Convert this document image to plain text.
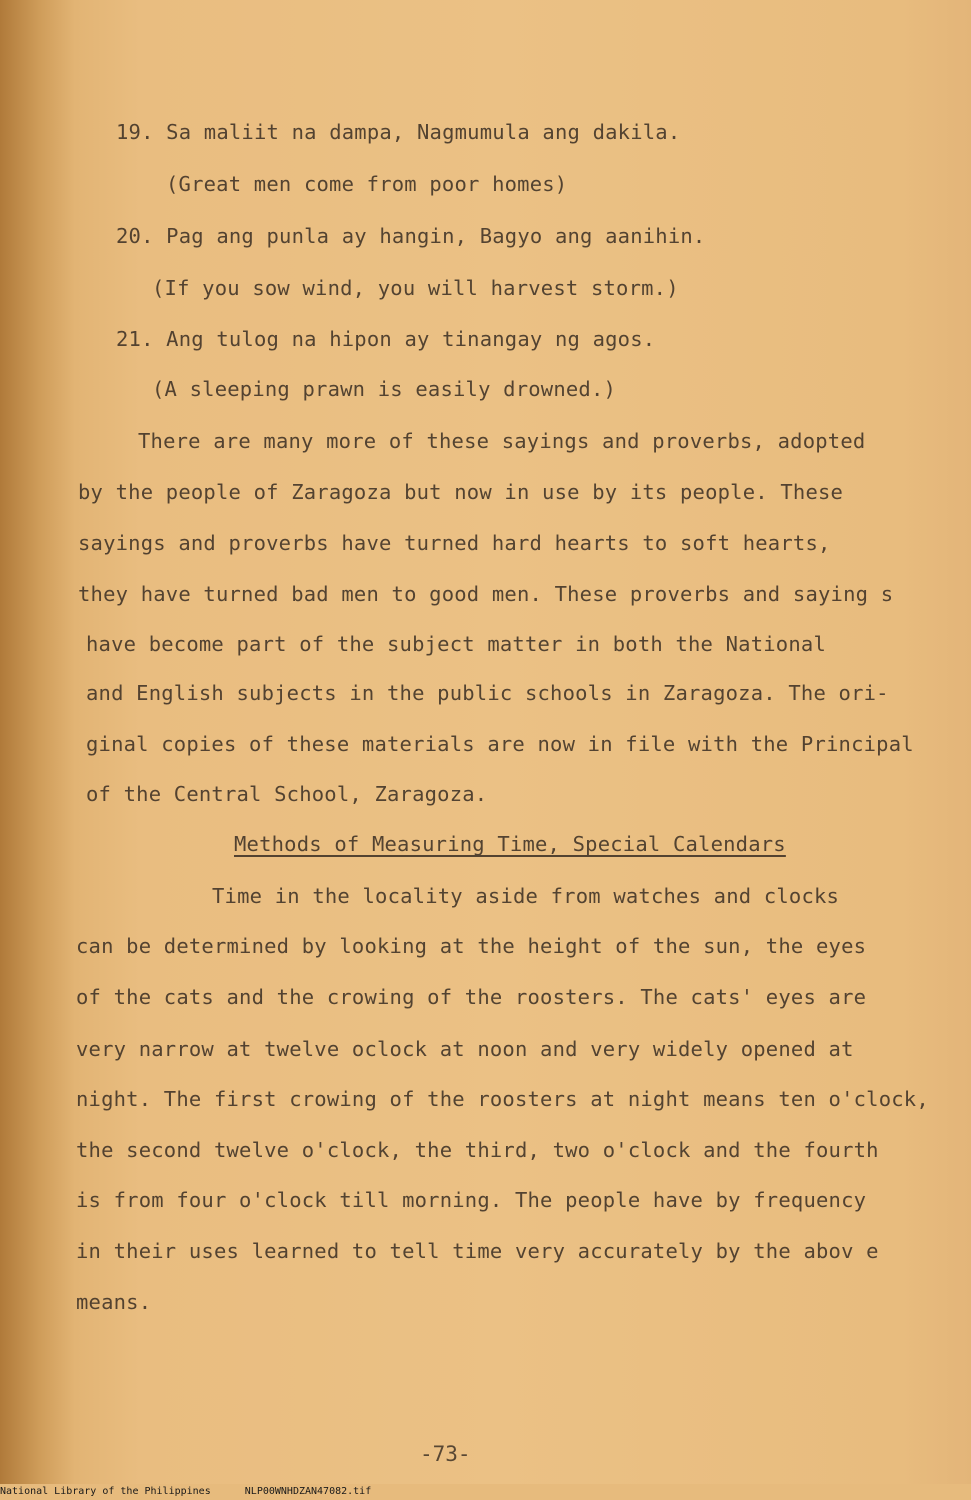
19. Sa maliit na dampa, Nagmumula ang dakila.
(Great men come from poor homes)
20. Pag ang punla ay hangin, Bagyo ang aanihin.
(If you sow wind, you will harvest storm.)
21. Ang tulog na hipon ay tinangay ng agos.
(A sleeping prawn is easily drowned.)
There are many more of these sayings and proverbs, adopted
by the people of Zaragoza but now in use by its people. These
sayings and proverbs have turned hard hearts to soft hearts,
they have turned bad men to good men. These proverbs and saying s
have become part of the subject matter in both the National
and English subjects in the public schools in Zaragoza. The ori-
ginal copies of these materials are now in file with the Principal
of the Central School, Zaragoza.
Methods of Measuring Time, Special Calendars
Time in the locality aside from watches and clocks
can be determined by looking at the height of the sun, the eyes
of the cats and the crowing of the roosters. The cats' eyes are
very narrow at twelve oclock at noon and very widely opened at
night. The first crowing of the roosters at night means ten o'clock,
the second twelve o'clock, the third, two o'clock and the fourth
is from four o'clock till morning. The people have by frequency
in their uses learned to tell time very accurately by the abov e
means.
-73-
National Library of the Philippines	NLP00WNHDZAN47082.tif
